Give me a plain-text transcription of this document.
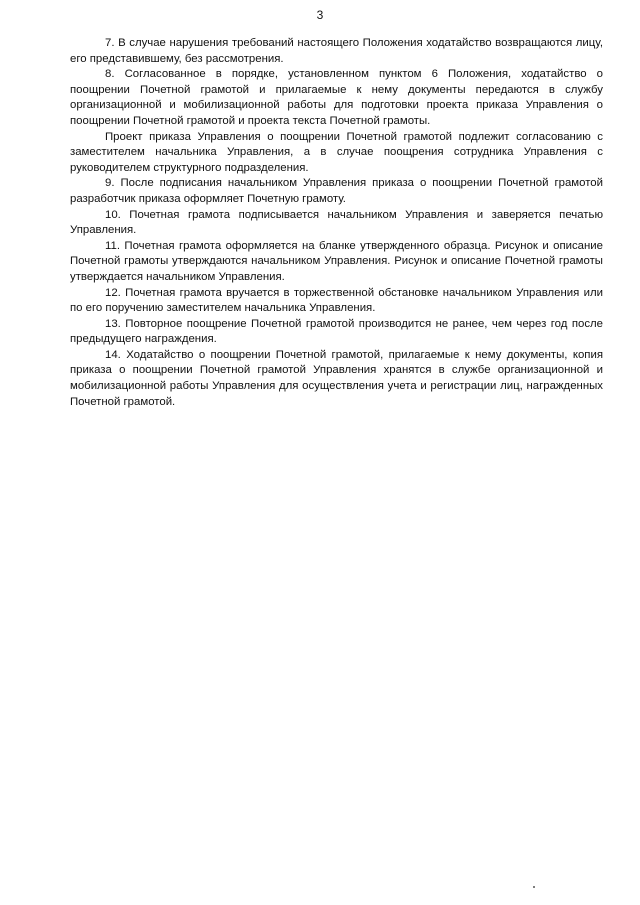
3

7. В случае нарушения требований настоящего Положения ходатайство возвращаются лицу, его представившему, без рассмотрения.

8. Согласованное в порядке, установленном пунктом 6 Положения, ходатайство о поощрении Почетной грамотой и прилагаемые к нему документы передаются в службу организационной и мобилизационной работы для подготовки проекта приказа Управления о поощрении Почетной грамотой и проекта текста Почетной грамоты.

Проект приказа Управления о поощрении Почетной грамотой подлежит согласованию с заместителем начальника Управления, а в случае поощрения сотрудника Управления с руководителем структурного подразделения.

9. После подписания начальником Управления приказа о поощрении Почетной грамотой разработчик приказа оформляет Почетную грамоту.

10. Почетная грамота подписывается начальником Управления и заверяется печатью Управления.

11. Почетная грамота оформляется на бланке утвержденного образца. Рисунок и описание Почетной грамоты утверждаются начальником Управления. Рисунок и описание Почетной грамоты утверждается начальником Управления.

12. Почетная грамота вручается в торжественной обстановке начальником Управления или по его поручению заместителем начальника Управления.

13. Повторное поощрение Почетной грамотой производится не ранее, чем через год после предыдущего награждения.

14. Ходатайство о поощрении Почетной грамотой, прилагаемые к нему документы, копия приказа о поощрении Почетной грамотой Управления хранятся в службе организационной и мобилизационной работы Управления для осуществления учета и регистрации лиц, награжденных Почетной грамотой.
